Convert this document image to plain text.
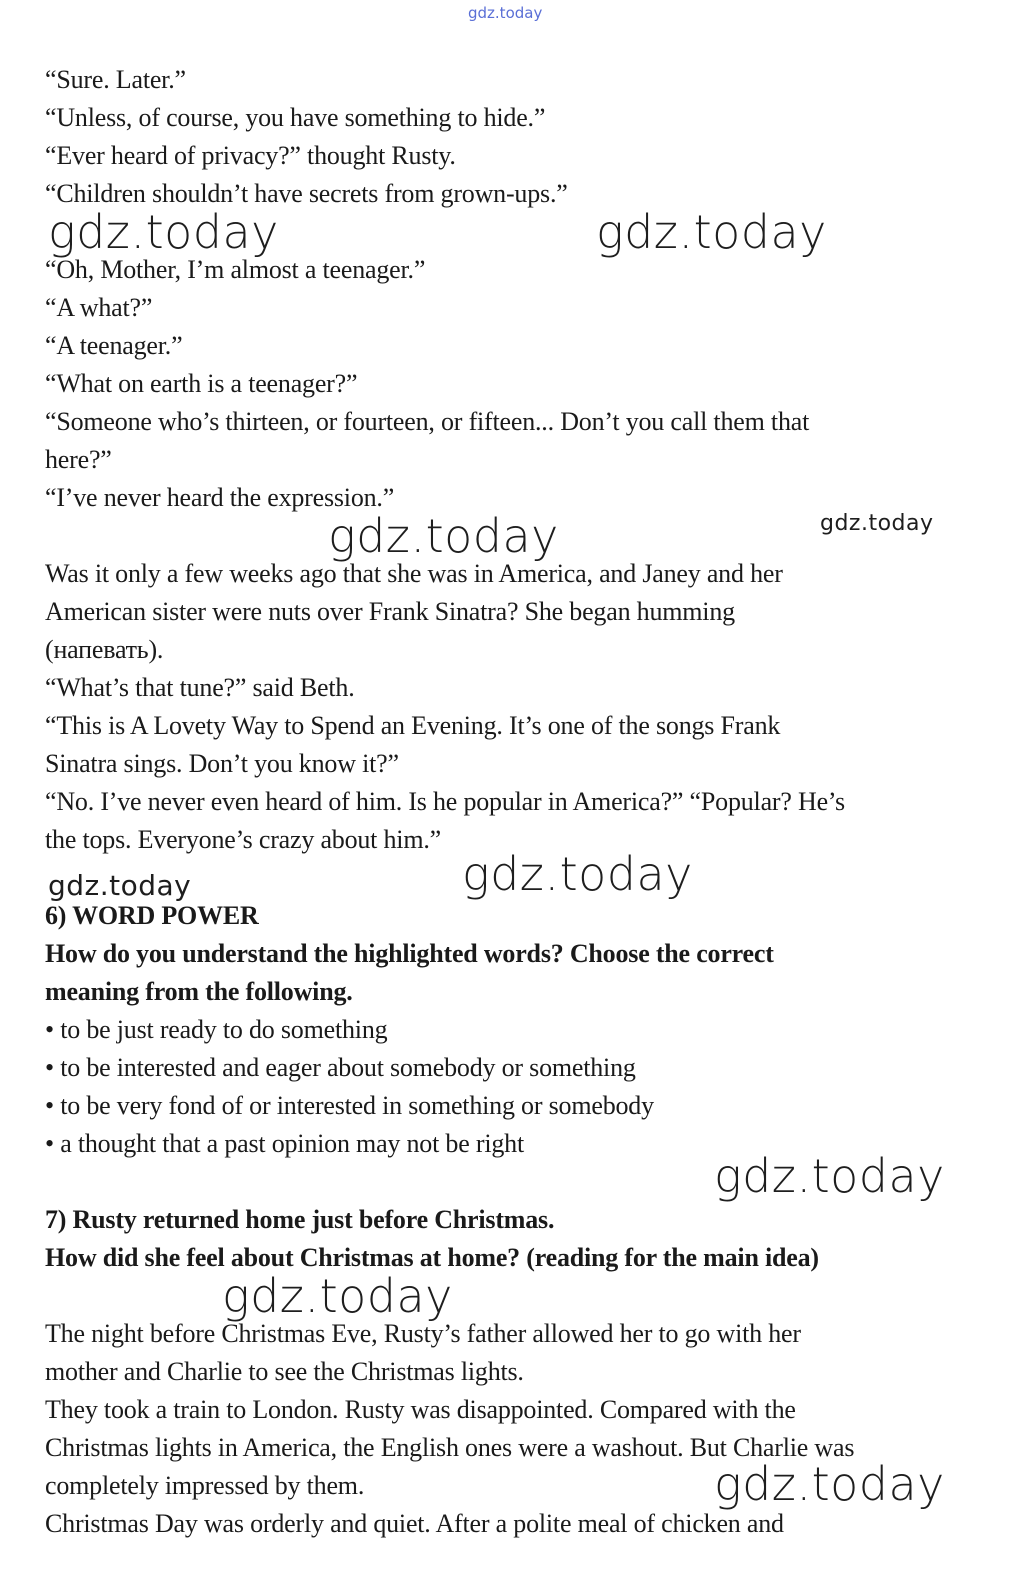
gdz.today
“Sure. Later.”
“Unless, of course, you have something to hide.”
“Ever heard of privacy?” thought Rusty.
“Children shouldn’t have secrets from grown-ups.”
“Oh, Mother, I’m almost a teenager.”
“A what?”
“A teenager.”
“What on earth is a teenager?”
“Someone who’s thirteen, or fourteen, or fifteen... Don’t you call them that
here?”
“I’ve never heard the expression.”
Was it only a few weeks ago that she was in America, and Janey and her
American sister were nuts over Frank Sinatra? She began humming
(напевать).
“What’s that tune?” said Beth.
“This is A Lovety Way to Spend an Evening. It’s one of the songs Frank
Sinatra sings. Don’t you know it?”
“No. I’ve never even heard of him. Is he popular in America?” “Popular? He’s
the tops. Everyone’s crazy about him.”
6) WORD POWER
How do you understand the highlighted words? Choose the correct
meaning from the following.
• to be just ready to do something
• to be interested and eager about somebody or something
• to be very fond of or interested in something or somebody
• a thought that a past opinion may not be right
7) Rusty returned home just before Christmas.
How did she feel about Christmas at home? (reading for the main idea)
The night before Christmas Eve, Rusty’s father allowed her to go with her
mother and Charlie to see the Christmas lights.
They took a train to London. Rusty was disappointed. Compared with the
Christmas lights in America, the English ones were a washout. But Charlie was
completely impressed by them.
Christmas Day was orderly and quiet. After a polite meal of chicken and
gdz.today	gdz.today
gdz.today	gdz.today
gdz.today
gdz.today
gdz.today
gdz.today
gdz.today
